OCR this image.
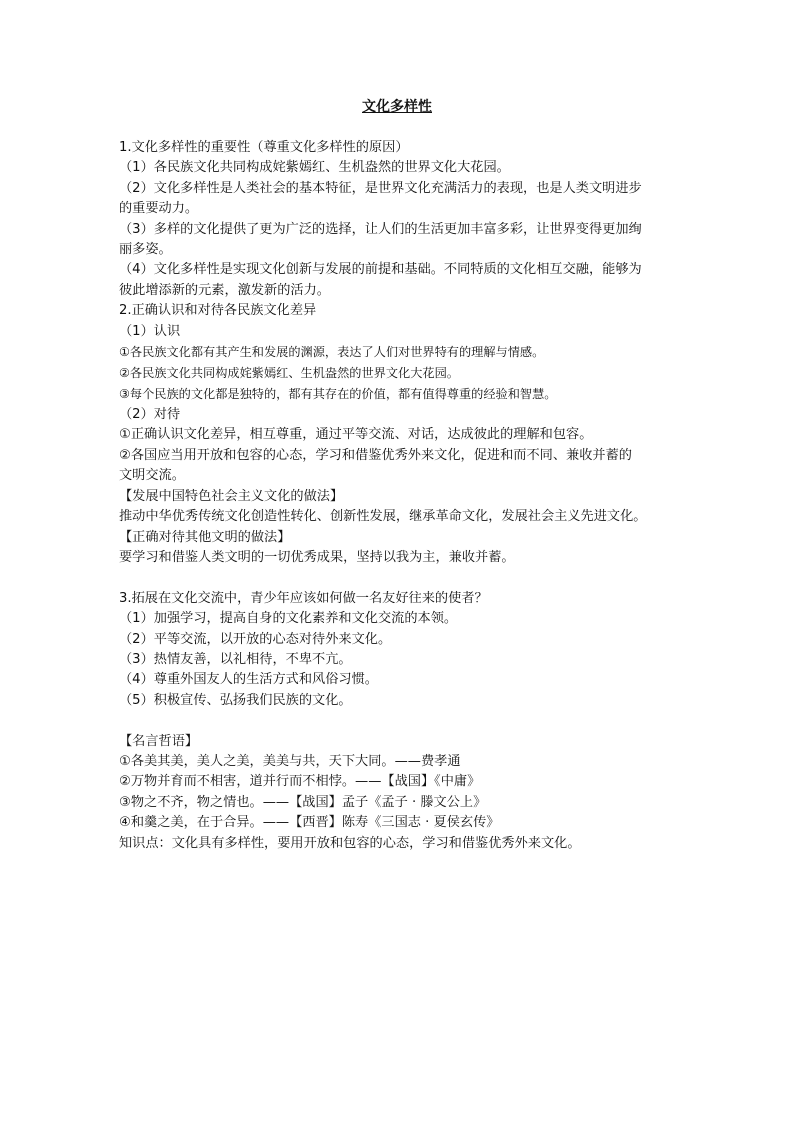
文化多样性
1.文化多样性的重要性（尊重文化多样性的原因）
（1）各民族文化共同构成姹紫嫣红、生机盎然的世界文化大花园。
（2）文化多样性是人类社会的基本特征，是世界文化充满活力的表现，也是人类文明进步
的重要动力。
（3）多样的文化提供了更为广泛的选择，让人们的生活更加丰富多彩，让世界变得更加绚
丽多姿。
（4）文化多样性是实现文化创新与发展的前提和基础。不同特质的文化相互交融，能够为
彼此增添新的元素，激发新的活力。
2.正确认识和对待各民族文化差异
（1）认识
①各民族文化都有其产生和发展的渊源，表达了人们对世界特有的理解与情感。
②各民族文化共同构成姹紫嫣红、生机盎然的世界文化大花园。
③每个民族的文化都是独特的，都有其存在的价值，都有值得尊重的经验和智慧。
（2）对待
①正确认识文化差异，相互尊重，通过平等交流、对话，达成彼此的理解和包容。
②各国应当用开放和包容的心态，学习和借鉴优秀外来文化，促进和而不同、兼收并蓄的
文明交流。
【发展中国特色社会主义文化的做法】
推动中华优秀传统文化创造性转化、创新性发展，继承革命文化，发展社会主义先进文化。
【正确对待其他文明的做法】
要学习和借鉴人类文明的一切优秀成果，坚持以我为主，兼收并蓄。
3.拓展在文化交流中，青少年应该如何做一名友好往来的使者？
（1）加强学习，提高自身的文化素养和文化交流的本领。
（2）平等交流，以开放的心态对待外来文化。
（3）热情友善，以礼相待，不卑不亢。
（4）尊重外国友人的生活方式和风俗习惯。
（5）积极宣传、弘扬我们民族的文化。
【名言哲语】
①各美其美，美人之美，美美与共，天下大同。——费孝通
②万物并育而不相害，道并行而不相悖。——【战国】《中庸》
③物之不齐，物之情也。——【战国】孟子《孟子 · 滕文公上》
④和羹之美，在于合异。——【西晋】陈寿《三国志 · 夏侯玄传》
知识点：文化具有多样性，要用开放和包容的心态，学习和借鉴优秀外来文化。
